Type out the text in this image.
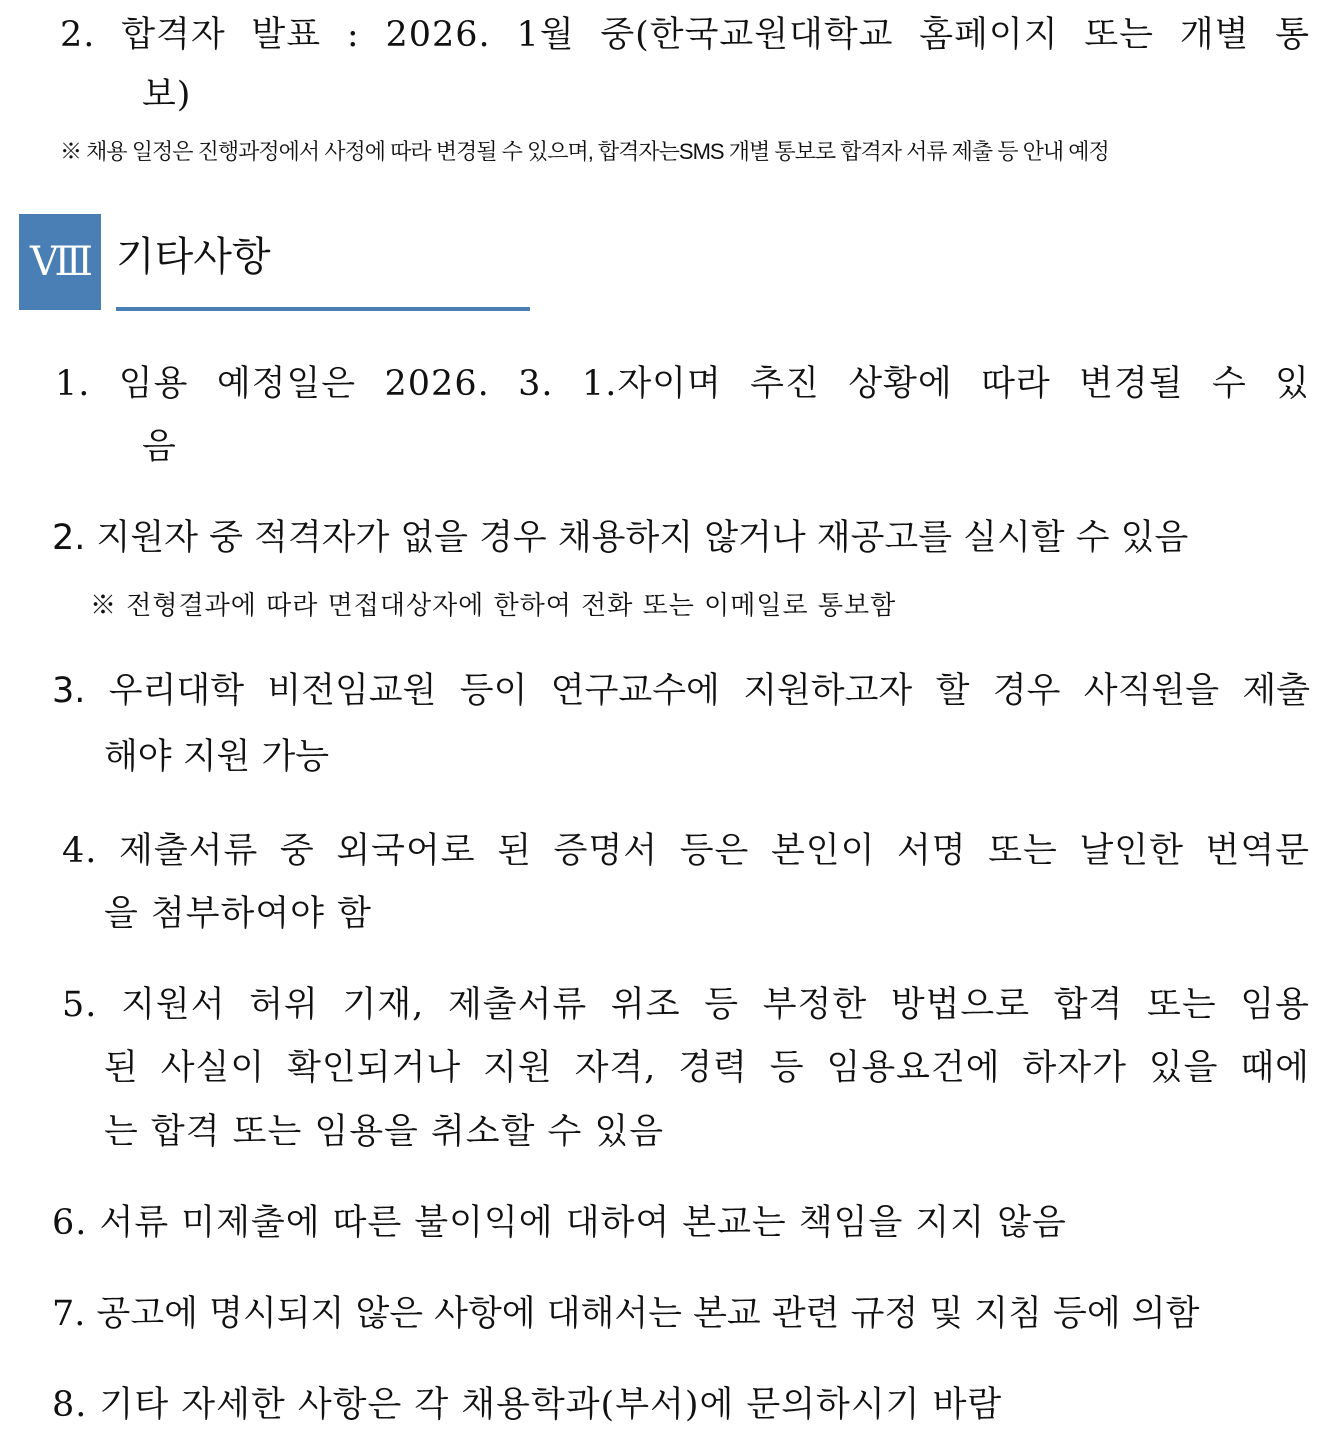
2. 합격자 발표 : 2026. 1월 중(한국교원대학교 홈페이지 또는 개별 통
보)
※ 채용 일정은 진행과정에서 사정에 따라 변경될 수 있으며, 합격자는SMS 개별 통보로 합격자 서류 제출 등 안내 예정
Ⅷ 기타사항
1. 임용 예정일은 2026. 3. 1.자이며 추진 상황에 따라 변경될 수 있
음
2. 지원자 중 적격자가 없을 경우 채용하지 않거나 재공고를 실시할 수 있음
※ 전형결과에 따라 면접대상자에 한하여 전화 또는 이메일로 통보함
3. 우리대학 비전임교원 등이 연구교수에 지원하고자 할 경우 사직원을 제출
해야 지원 가능
4. 제출서류 중 외국어로 된 증명서 등은 본인이 서명 또는 날인한 번역문
을 첨부하여야 함
5. 지원서 허위 기재, 제출서류 위조 등 부정한 방법으로 합격 또는 임용
된 사실이 확인되거나 지원 자격, 경력 등 임용요건에 하자가 있을 때에
는 합격 또는 임용을 취소할 수 있음
6. 서류 미제출에 따른 불이익에 대하여 본교는 책임을 지지 않음
7. 공고에 명시되지 않은 사항에 대해서는 본교 관련 규정 및 지침 등에 의함
8. 기타 자세한 사항은 각 채용학과(부서)에 문의하시기 바람
